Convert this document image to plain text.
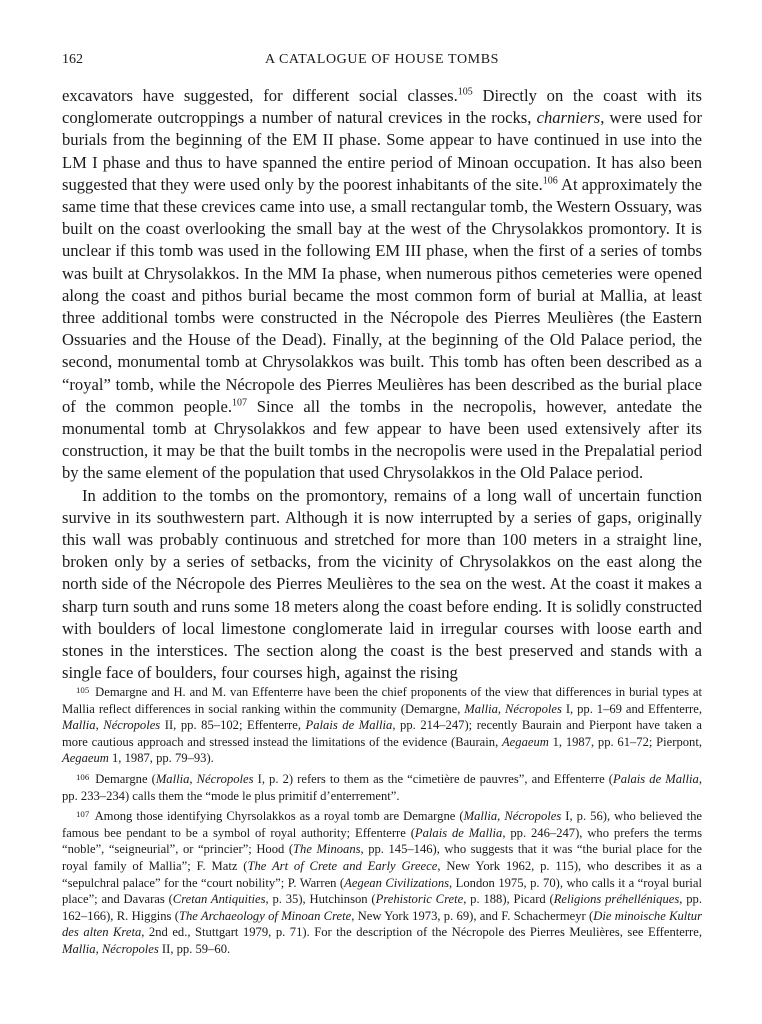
162	A CATALOGUE OF HOUSE TOMBS

excavators have suggested, for different social classes.$^{105}$ Directly on the coast with its conglomerate outcroppings a number of natural crevices in the rocks, charniers, were used for burials from the beginning of the EM II phase. Some appear to have continued in use into the LM I phase and thus to have spanned the entire period of Minoan occupation. It has also been suggested that they were used only by the poorest inhabitants of the site.$^{106}$ At approximately the same time that these crevices came into use, a small rectangular tomb, the Western Ossuary, was built on the coast overlooking the small bay at the west of the Chrysolakkos promontory. It is unclear if this tomb was used in the following EM III phase, when the first of a series of tombs was built at Chrysolakkos. In the MM Ia phase, when numerous pithos cemeteries were opened along the coast and pithos burial became the most common form of burial at Mallia, at least three additional tombs were constructed in the Nécropole des Pierres Meulières (the Eastern Ossuaries and the House of the Dead). Finally, at the beginning of the Old Palace period, the second, monumental tomb at Chrysolakkos was built. This tomb has often been described as a “royal” tomb, while the Nécropole des Pierres Meulières has been described as the burial place of the common people.$^{107}$ Since all the tombs in the necropolis, however, antedate the monumental tomb at Chrysolakkos and few appear to have been used extensively after its construction, it may be that the built tombs in the necropolis were used in the Prepalatial period by the same element of the population that used Chrysolakkos in the Old Palace period.

In addition to the tombs on the promontory, remains of a long wall of uncertain function survive in its southwestern part. Although it is now interrupted by a series of gaps, originally this wall was probably continuous and stretched for more than 100 meters in a straight line, broken only by a series of setbacks, from the vicinity of Chrysolakkos on the east along the north side of the Nécropole des Pierres Meulières to the sea on the west. At the coast it makes a sharp turn south and runs some 18 meters along the coast before ending. It is solidly constructed with boulders of local limestone conglomerate laid in irregular courses with loose earth and stones in the interstices. The section along the coast is the best preserved and stands with a single face of boulders, four courses high, against the rising

$^{105}$ Demargne and H. and M. van Effenterre have been the chief proponents of the view that differences in burial types at Mallia reflect differences in social ranking within the community (Demargne, Mallia, Nécropoles I, pp. 1–69 and Effenterre, Mallia, Nécropoles II, pp. 85–102; Effenterre, Palais de Mallia, pp. 214–247); recently Baurain and Pierpont have taken a more cautious approach and stressed instead the limitations of the evidence (Baurain, Aegaeum 1, 1987, pp. 61–72; Pierpont, Aegaeum 1, 1987, pp. 79–93).

$^{106}$ Demargne (Mallia, Nécropoles I, p. 2) refers to them as the “cimetière de pauvres”, and Effenterre (Palais de Mallia, pp. 233–234) calls them the “mode le plus primitif d’enterrement”.

$^{107}$ Among those identifying Chyrsolakkos as a royal tomb are Demargne (Mallia, Nécropoles I, p. 56), who believed the famous bee pendant to be a symbol of royal authority; Effenterre (Palais de Mallia, pp. 246–247), who prefers the terms “noble”, “seigneurial”, or “princier”; Hood (The Minoans, pp. 145–146), who suggests that it was “the burial place for the royal family of Mallia”; F. Matz (The Art of Crete and Early Greece, New York 1962, p. 115), who describes it as a “sepulchral palace” for the “court nobility”; P. Warren (Aegean Civilizations, London 1975, p. 70), who calls it a “royal burial place”; and Davaras (Cretan Antiquities, p. 35), Hutchinson (Prehistoric Crete, p. 188), Picard (Religions préhelléniques, pp. 162–166), R. Higgins (The Archaeology of Minoan Crete, New York 1973, p. 69), and F. Schachermeyr (Die minoische Kultur des alten Kreta, 2nd ed., Stuttgart 1979, p. 71). For the description of the Nécropole des Pierres Meulières, see Effenterre, Mallia, Nécropoles II, pp. 59–60.
